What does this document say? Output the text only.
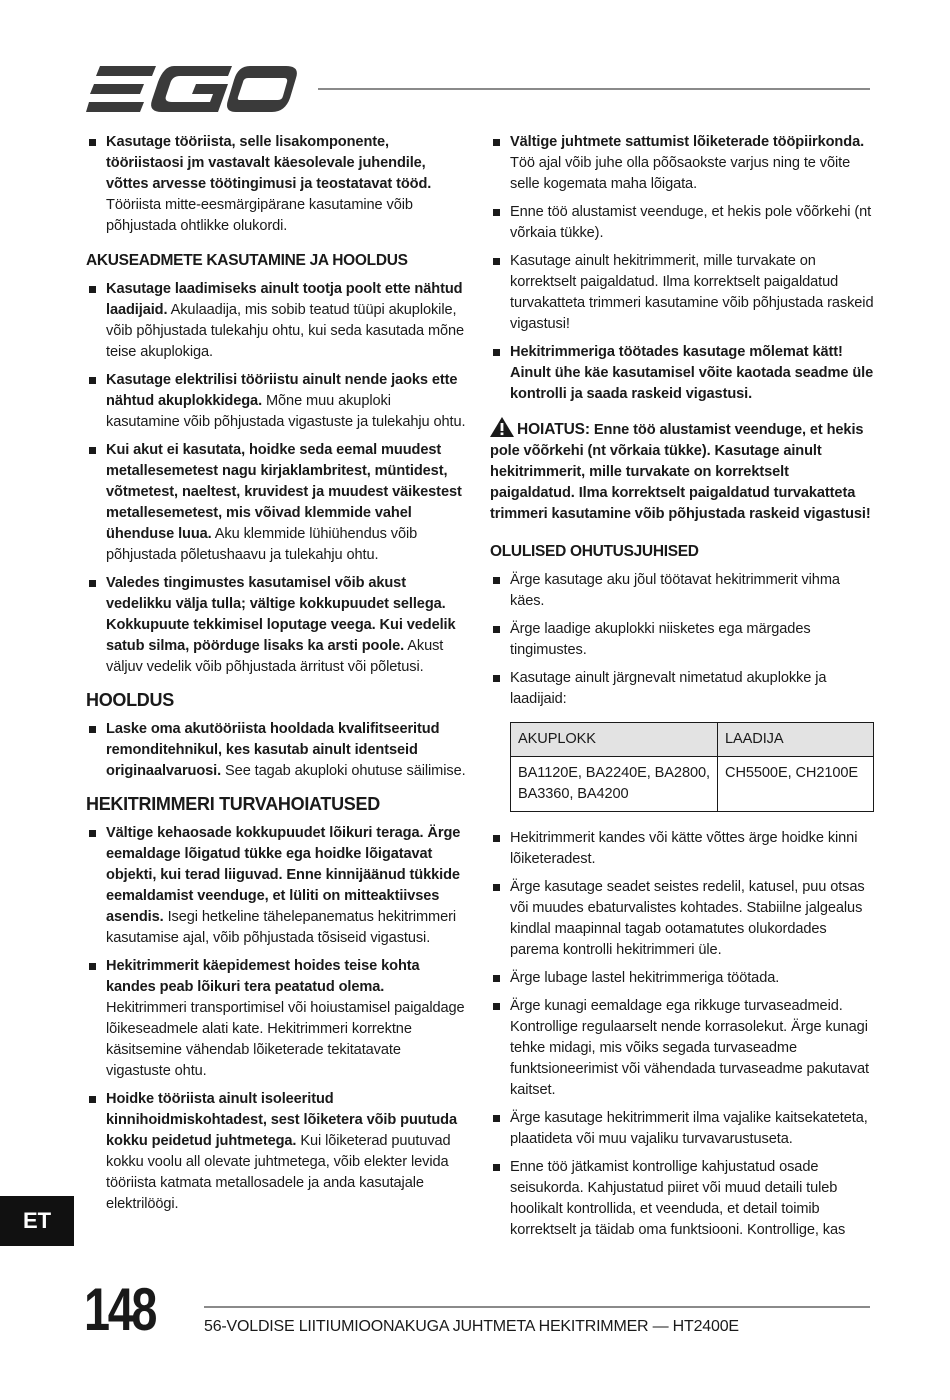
EGO
Kasutage tööriista, selle lisakomponente, tööriistaosi jm vastavalt käesolevale juhendile, võttes arvesse töötingimusi ja teostatavat tööd. Tööriista mitte-eesmärgipärane kasutamine võib põhjustada ohtlikke olukordi.
AKUSEADMETE KASUTAMINE JA HOOLDUS
Kasutage laadimiseks ainult tootja poolt ette nähtud laadijaid. Akulaadija, mis sobib teatud tüüpi akuplokile, võib põhjustada tulekahju ohtu, kui seda kasutada mõne teise akuplokiga.
Kasutage elektrilisi tööriistu ainult nende jaoks ette nähtud akuplokkidega. Mõne muu akuploki kasutamine võib põhjustada vigastuste ja tulekahju ohtu.
Kui akut ei kasutata, hoidke seda eemal muudest metallesemetest nagu kirjaklambritest, müntidest, võtmetest, naeltest, kruvidest ja muudest väikestest metallesemetest, mis võivad klemmide vahel ühenduse luua. Aku klemmide lühiühendus võib põhjustada põletushaavu ja tulekahju ohtu.
Valedes tingimustes kasutamisel võib akust vedelikku välja tulla; vältige kokkupuudet sellega. Kokkupuute tekkimisel loputage veega. Kui vedelik satub silma, pöörduge lisaks ka arsti poole. Akust väljuv vedelik võib põhjustada ärritust või põletusi.
HOOLDUS
Laske oma akutööriista hooldada kvalifitseeritud remonditehnikul, kes kasutab ainult identseid originaalvaruosi. See tagab akuploki ohutuse säilimise.
HEKITRIMMERI TURVAHOIATUSED
Vältige kehaosade kokkupuudet lõikuri teraga. Ärge eemaldage lõigatud tükke ega hoidke lõigatavat objekti, kui terad liiguvad. Enne kinnijäänud tükkide eemaldamist veenduge, et lüliti on mitteaktiivses asendis. Isegi hetkeline tähelepanematus hekitrimmeri kasutamise ajal, võib põhjustada tõsiseid vigastusi.
Hekitrimmerit käepidemest hoides teise kohta kandes peab lõikuri tera peatatud olema. Hekitrimmeri transportimisel või hoiustamisel paigaldage lõikeseadmele alati kate. Hekitrimmeri korrektne käsitsemine vähendab lõiketerade tekitatavate vigastuste ohtu.
Hoidke tööriista ainult isoleeritud kinnihoidmiskohtadest, sest lõiketera võib puutuda kokku peidetud juhtmetega. Kui lõiketerad puutuvad kokku voolu all olevate juhtmetega, võib elekter levida tööriista katmata metallosadele ja anda kasutajale elektrilöögi.
Vältige juhtmete sattumist lõiketerade tööpiirkonda. Töö ajal võib juhe olla põõsaokste varjus ning te võite selle kogemata maha lõigata.
Enne töö alustamist veenduge, et hekis pole võõrkehi (nt võrkaia tükke).
Kasutage ainult hekitrimmerit, mille turvakate on korrektselt paigaldatud. Ilma korrektselt paigaldatud turvakatteta trimmeri kasutamine võib põhjustada raskeid vigastusi!
Hekitrimmeriga töötades kasutage mõlemat kätt! Ainult ühe käe kasutamisel võite kaotada seadme üle kontrolli ja saada raskeid vigastusi.
HOIATUS: Enne töö alustamist veenduge, et hekis pole võõrkehi (nt võrkaia tükke). Kasutage ainult hekitrimmerit, mille turvakate on korrektselt paigaldatud. Ilma korrektselt paigaldatud turvakatteta trimmeri kasutamine võib põhjustada raskeid vigastusi!
OLULISED OHUTUSJUHISED
Ärge kasutage aku jõul töötavat hekitrimmerit vihma käes.
Ärge laadige akuplokki niisketes ega märgades tingimustes.
Kasutage ainult järgnevalt nimetatud akuplokke ja laadijaid:
AKUPLOKK	LAADIJA
BA1120E, BA2240E, BA2800, BA3360, BA4200	CH5500E, CH2100E
Hekitrimmerit kandes või kätte võttes ärge hoidke kinni lõiketeradest.
Ärge kasutage seadet seistes redelil, katusel, puu otsas või muudes ebaturvalistes kohtades. Stabiilne jalgealus kindlal maapinnal tagab ootamatutes olukordades parema kontrolli hekitrimmeri üle.
Ärge lubage lastel hekitrimmeriga töötada.
Ärge kunagi eemaldage ega rikkuge turvaseadmeid. Kontrollige regulaarselt nende korrasolekut. Ärge kunagi tehke midagi, mis võiks segada turvaseadme funktsioneerimist või vähendada turvaseadme pakutavat kaitset.
Ärge kasutage hekitrimmerit ilma vajalike kaitsekateteta, plaatideta või muu vajaliku turvavarustuseta.
Enne töö jätkamist kontrollige kahjustatud osade seisukorda. Kahjustatud piiret või muud detaili tuleb hoolikalt kontrollida, et veenduda, et detail toimib korrektselt ja täidab oma funktsiooni. Kontrollige, kas
ET
148	56-VOLDISE LIITIUMIOONAKUGA JUHTMETA HEKITRIMMER — HT2400E
